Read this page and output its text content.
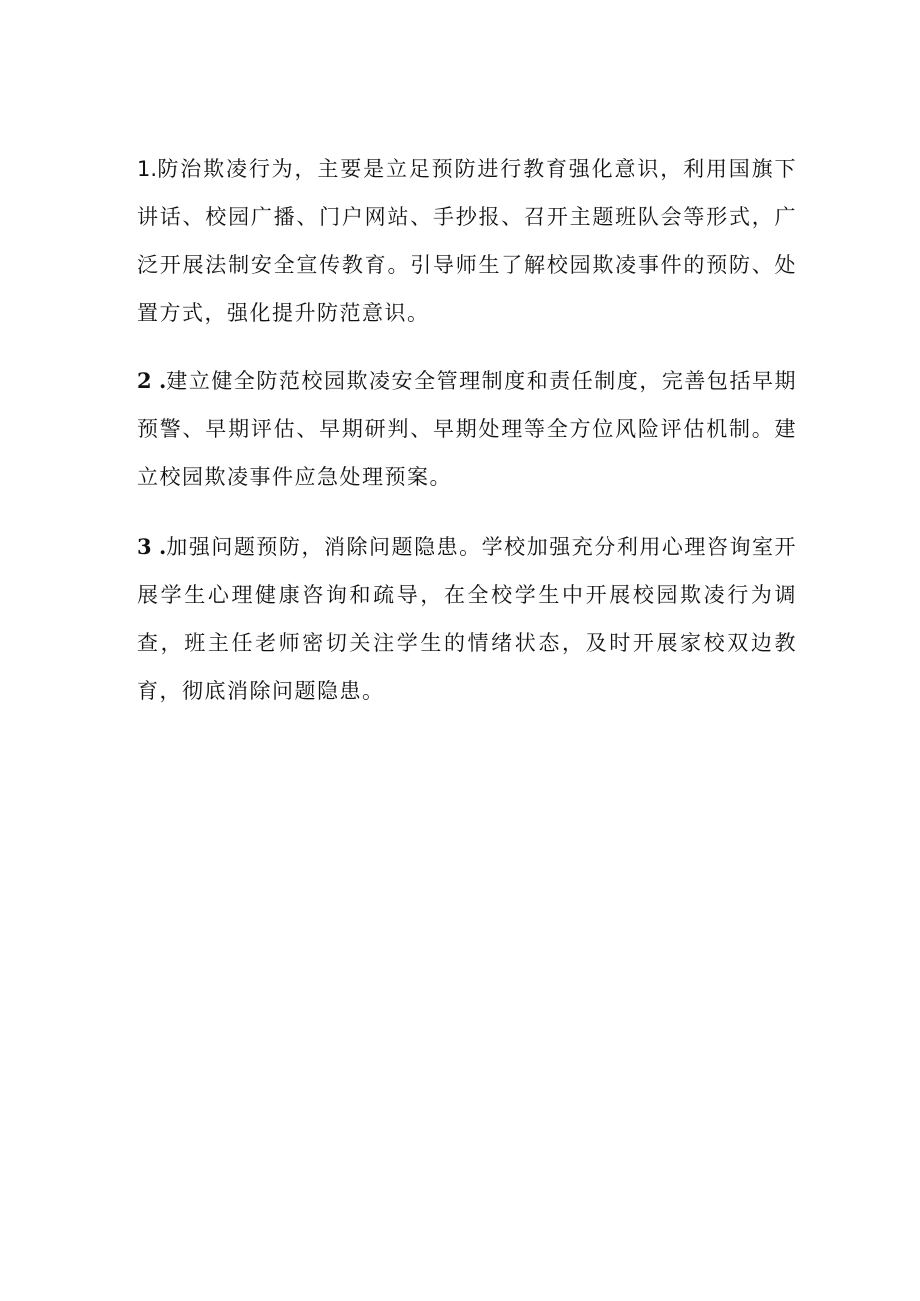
1.防治欺凌行为，主要是立足预防进行教育强化意识，利用国旗下讲话、校园广播、门户网站、手抄报、召开主题班队会等形式，广泛开展法制安全宣传教育。引导师生了解校园欺凌事件的预防、处置方式，强化提升防范意识。

2 .建立健全防范校园欺凌安全管理制度和责任制度，完善包括早期预警、早期评估、早期研判、早期处理等全方位风险评估机制。建立校园欺凌事件应急处理预案。

3 .加强问题预防，消除问题隐患。学校加强充分利用心理咨询室开展学生心理健康咨询和疏导，在全校学生中开展校园欺凌行为调查，班主任老师密切关注学生的情绪状态，及时开展家校双边教育，彻底消除问题隐患。
